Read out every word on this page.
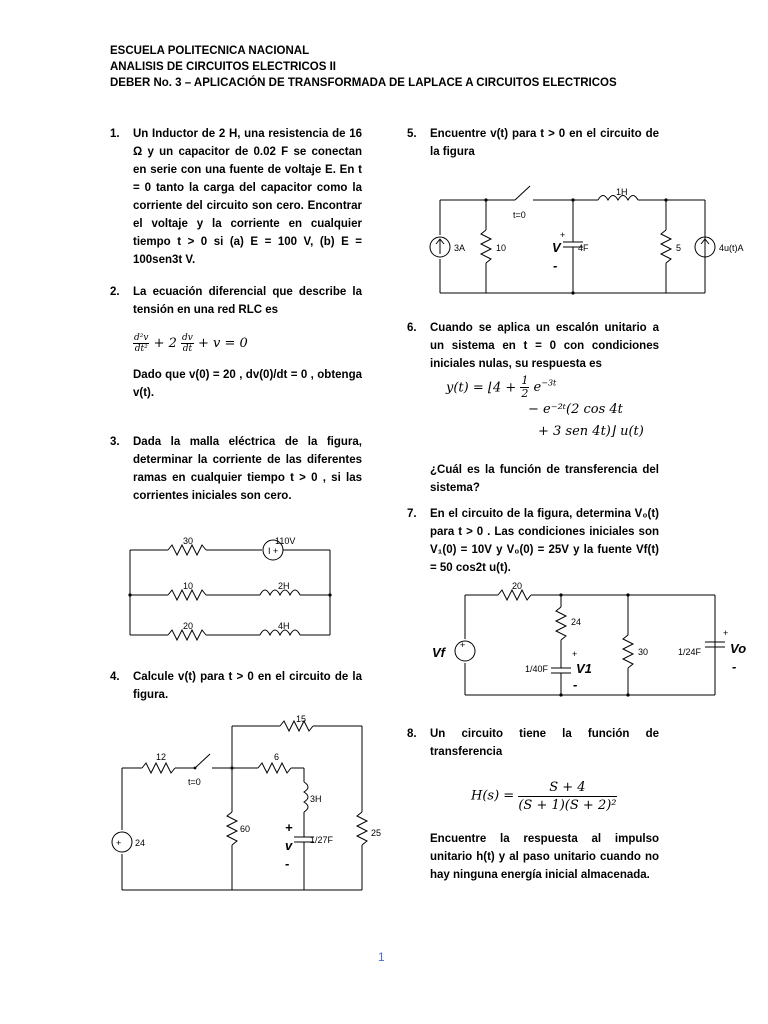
ESCUELA POLITECNICA NACIONAL
ANALISIS DE CIRCUITOS ELECTRICOS II
DEBER No. 3 – APLICACIÓN DE TRANSFORMADA DE LAPLACE A CIRCUITOS ELECTRICOS
1. Un Inductor de 2 H, una resistencia de 16 Ω y un capacitor de 0.02 F se conectan en serie con una fuente de voltaje E. En t = 0 tanto la carga del capacitor como la corriente del circuito son cero. Encontrar el voltaje y la corriente en cualquier tiempo t > 0 si (a) E = 100 V, (b) E = 100sen3t V.
2. La ecuación diferencial que describe la tensión en una red RLC es
$\frac{\text{d²v}}{\text{dt²}} + 2 \frac{dv}{dt} + v = 0$
Dado que v(0) = 20 , dv(0)/dt = 0 , obtenga v(t).
3. Dada la malla eléctrica de la figura, determinar la corriente de las diferentes ramas en cualquier tiempo t > 0 , si las corrientes iniciales son cero.
I +
30	110V
10	2H
20	4H
4. Calcule v(t) para t > 0 en el circuito de la figura.
+
12
t=0
15
6
3H
60
1/27F
25
24
+
v
-
5. Encuentre v(t) para t > 0 en el circuito de la figura
t=0
1H
3A	10
+
V
-
4F	5	4u(t)A
6. Cuando se aplica un escalón unitario a un sistema en t = 0 con condiciones iniciales nulas, su respuesta es
y(t) = ⌊4 + $\frac{1}{2} e^{-3t}$
− e⁻²ᵗ(2 cos 4t
+ 3 sen 4t)⌋ u(t)
¿Cuál es la función de transferencia del sistema?
7. En el circuito de la figura, determina V₀(t) para t > 0 . Las condiciones iniciales son V₁(0) = 10V y V₀(0) = 25V y la fuente Vf(t) = 50 cos2t u(t).
+
20
24
1/40F
30	1/24F
Vf	+
V1
-
+
Vo
-
8. Un circuito tiene la función de transferencia
$H(s) = \frac{S + 4}{\text{(S + 1)(S + 2)²}}$
Encuentre la respuesta al impulso unitario h(t) y al paso unitario cuando no hay ninguna energía inicial almacenada.
1
